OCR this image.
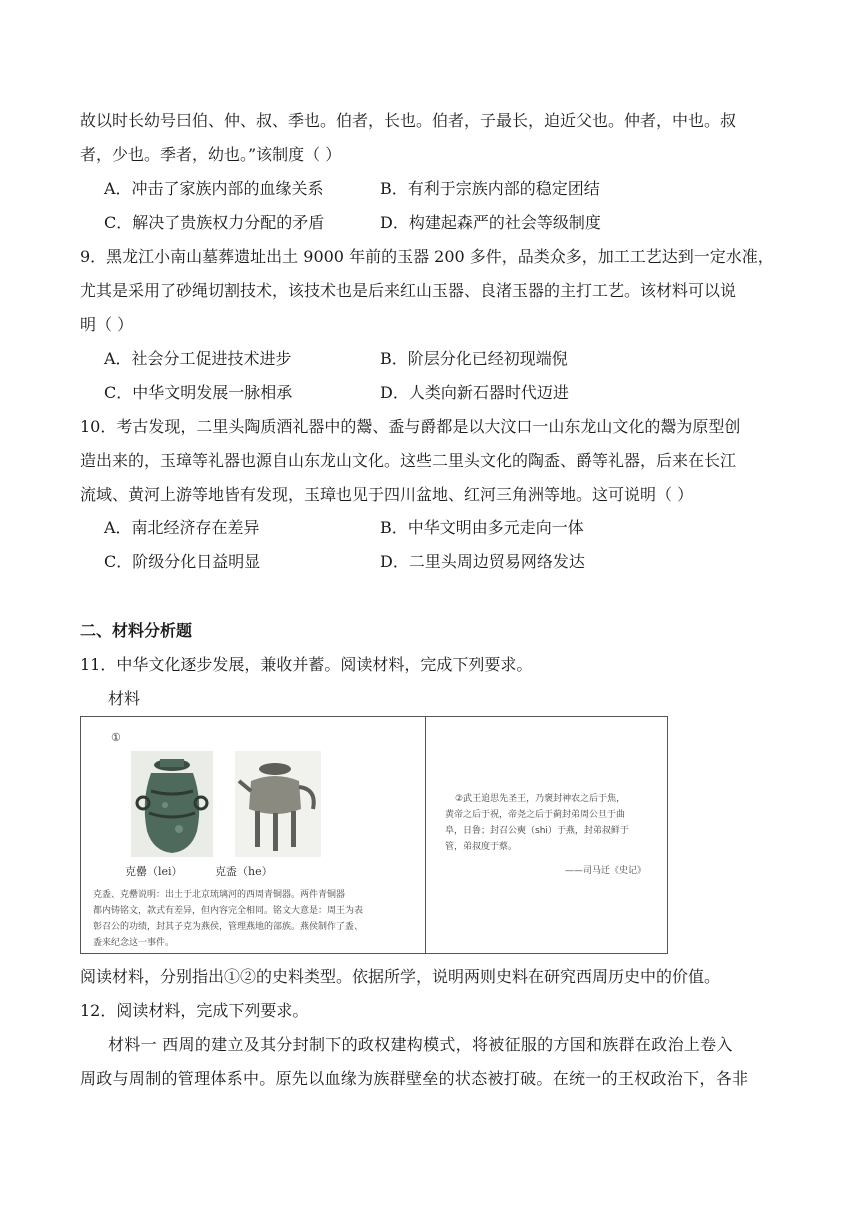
故以时长幼号曰伯、仲、叔、季也。伯者，长也。伯者，子最长，迫近父也。仲者，中也。叔
者，少也。季者，幼也。”该制度（ ）
A．冲击了家族内部的血缘关系	B．有利于宗族内部的稳定团结
C．解决了贵族权力分配的矛盾	D．构建起森严的社会等级制度
9．黑龙江小南山墓葬遗址出土 9000 年前的玉器 200 多件，品类众多，加工工艺达到一定水准，
尤其是采用了砂绳切割技术，该技术也是后来红山玉器、良渚玉器的主打工艺。该材料可以说
明（ ）
A．社会分工促进技术进步	B．阶层分化已经初现端倪
C．中华文明发展一脉相承	D．人类向新石器时代迈进
10．考古发现，二里头陶质酒礼器中的鬶、盉与爵都是以大汶口一山东龙山文化的鬶为原型创
造出来的，玉璋等礼器也源自山东龙山文化。这些二里头文化的陶盉、爵等礼器，后来在长江
流域、黄河上游等地皆有发现，玉璋也见于四川盆地、红河三角洲等地。这可说明（ ）
A．南北经济存在差异	B．中华文明由多元走向一体
C．阶级分化日益明显	D．二里头周边贸易网络发达
二、材料分析题
11．中华文化逐步发展，兼收并蓄。阅读材料，完成下列要求。
材料
①
克罍（lei）	克盉（he）
克盉、克罍说明：出土于北京琉璃河的西周青铜器。两件青铜器
都内铸铭文，款式有差异，但内容完全相同。铭文大意是：周王为表
彰召公的功绩，封其子克为燕侯，管理燕地的部族。燕侯制作了盉、
盉来纪念这一事件。
②武王追思先圣王，乃褒封神农之后于焦，
黄帝之后于祝，帝尧之后于蓟封弟周公旦于曲
阜，日鲁；封召公奭（shi）于燕，封弟叔鲜于
管，弟叔度于蔡。
——司马迁《史记》
阅读材料，分别指出①②的史料类型。依据所学，说明两则史料在研究西周历史中的价值。
12．阅读材料，完成下列要求。
材料一 西周的建立及其分封制下的政权建构模式，将被征服的方国和族群在政治上卷入
周政与周制的管理体系中。原先以血缘为族群壁垒的状态被打破。在统一的王权政治下，各非
